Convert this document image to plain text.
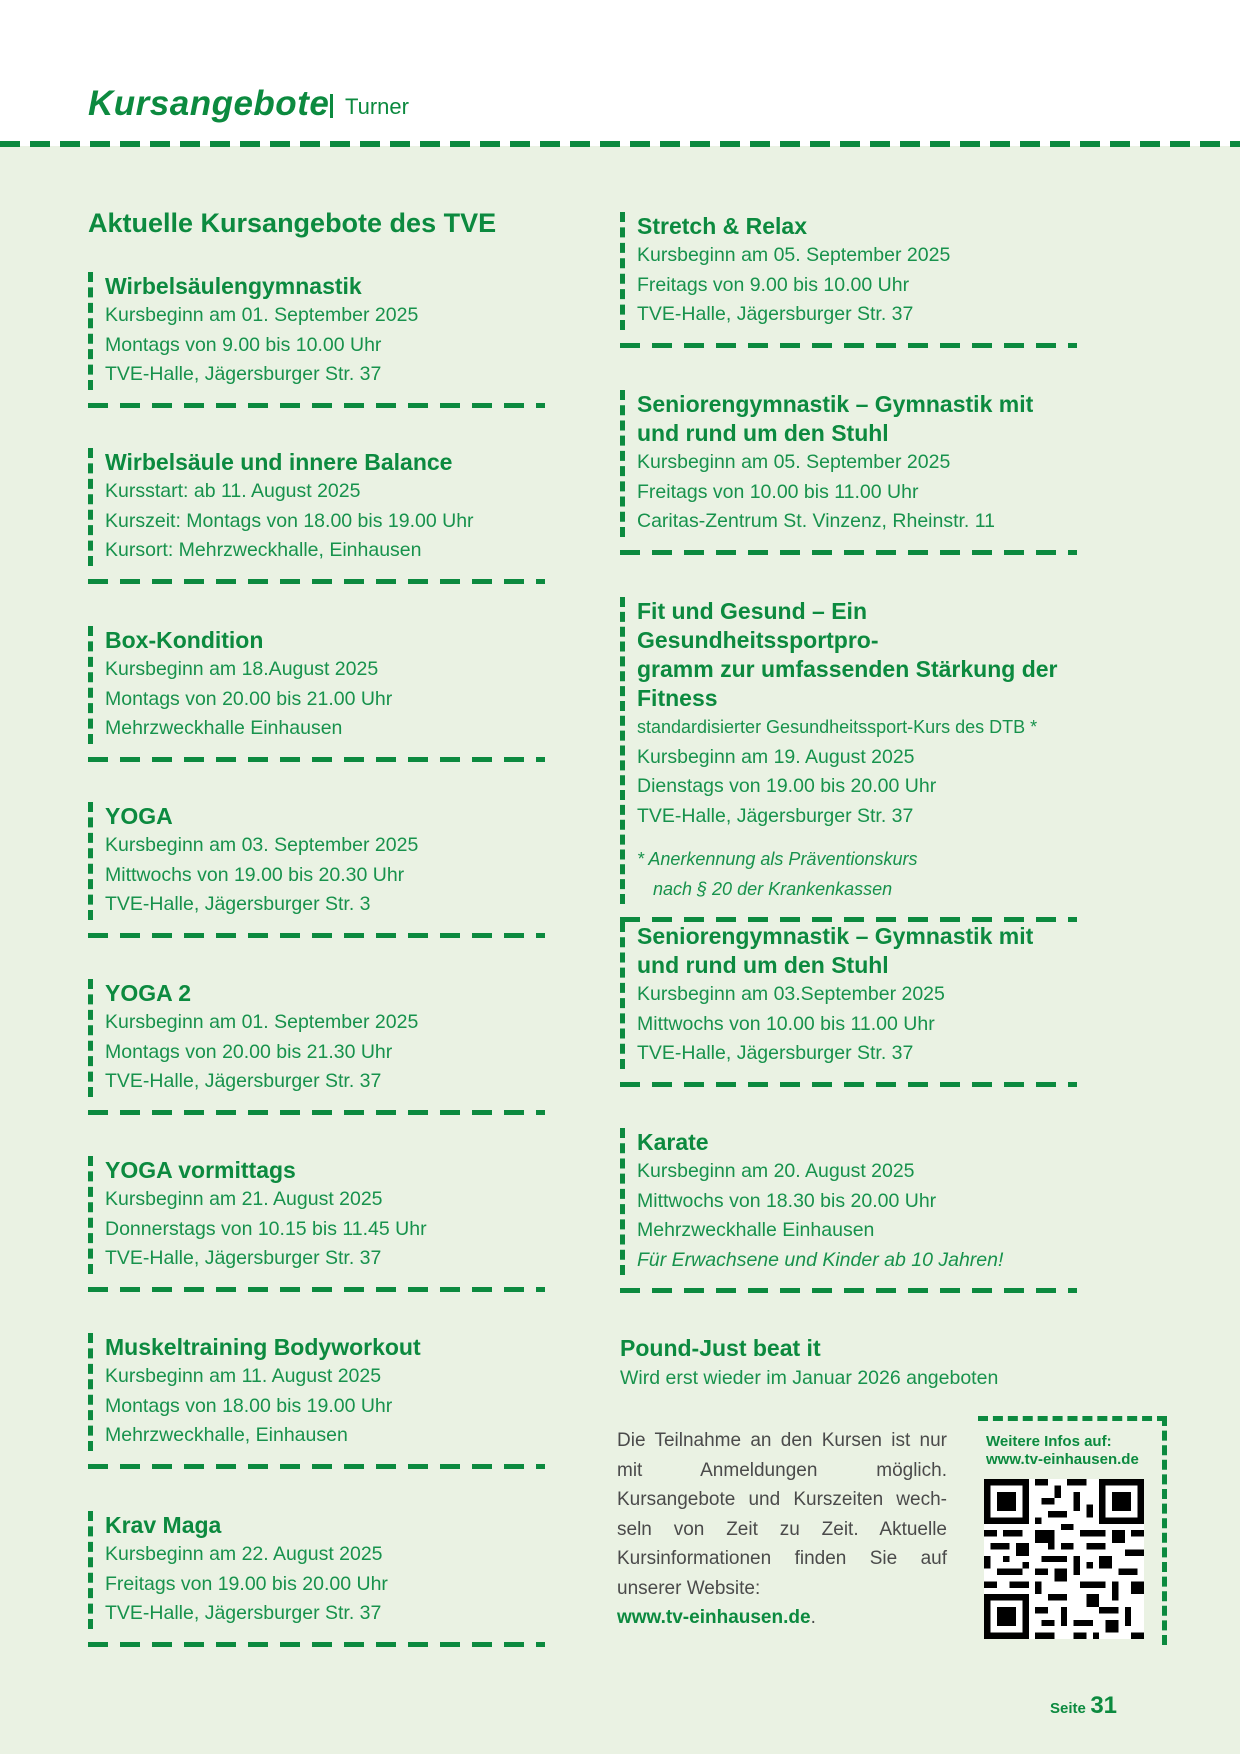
Kursangebote Turner
Aktuelle Kursangebote des TVE
Wirbelsäulengymnastik
Kursbeginn am 01. September 2025
Montags von 9.00 bis 10.00 Uhr
TVE-Halle, Jägersburger Str. 37
Wirbelsäule und innere Balance
Kursstart: ab 11. August 2025
Kurszeit: Montags von 18.00 bis 19.00 Uhr
Kursort: Mehrzweckhalle, Einhausen
Box-Kondition
Kursbeginn am 18.August 2025
Montags von 20.00 bis 21.00 Uhr
Mehrzweckhalle Einhausen
YOGA
Kursbeginn am 03. September 2025
Mittwochs von 19.00 bis 20.30 Uhr
TVE-Halle, Jägersburger Str. 3
YOGA 2
Kursbeginn am 01. September 2025
Montags von 20.00 bis 21.30 Uhr
TVE-Halle, Jägersburger Str. 37
YOGA vormittags
Kursbeginn am 21. August 2025
Donnerstags von 10.15 bis 11.45 Uhr
TVE-Halle, Jägersburger Str. 37
Muskeltraining Bodyworkout
Kursbeginn am 11. August 2025
Montags von 18.00 bis 19.00 Uhr
Mehrzweckhalle, Einhausen
Krav Maga
Kursbeginn am 22. August 2025
Freitags von 19.00 bis 20.00 Uhr
TVE-Halle, Jägersburger Str. 37
Stretch & Relax
Kursbeginn am 05. September 2025
Freitags von 9.00 bis 10.00 Uhr
TVE-Halle, Jägersburger Str. 37
Seniorengymnastik – Gymnastik mit
und rund um den Stuhl
Kursbeginn am 05. September 2025
Freitags von 10.00 bis 11.00 Uhr
Caritas-Zentrum St. Vinzenz, Rheinstr. 11
Fit und Gesund – Ein Gesundheitssportpro-
gramm zur umfassenden Stärkung der Fitness
standardisierter Gesundheitssport-Kurs des DTB *
Kursbeginn am 19. August 2025
Dienstags von 19.00 bis 20.00 Uhr
TVE-Halle, Jägersburger Str. 37
* Anerkennung als Präventionskurs
nach § 20 der Krankenkassen
Seniorengymnastik – Gymnastik mit
und rund um den Stuhl
Kursbeginn am 03.September 2025
Mittwochs von 10.00 bis 11.00 Uhr
TVE-Halle, Jägersburger Str. 37
Karate
Kursbeginn am 20. August 2025
Mittwochs von 18.30 bis 20.00 Uhr
Mehrzweckhalle Einhausen
Für Erwachsene und Kinder ab 10 Jahren!
Pound-Just beat it
Wird erst wieder im Januar 2026 angeboten
Die Teilnahme an den Kursen ist nur mit Anmeldungen möglich. Kursangebote und Kurszeiten wech-seln von Zeit zu Zeit. Aktuelle Kursinformationen finden Sie auf unserer Website:
www.tv-einhausen.de.
Weitere Infos auf:
www.tv-einhausen.de
Seite 31
